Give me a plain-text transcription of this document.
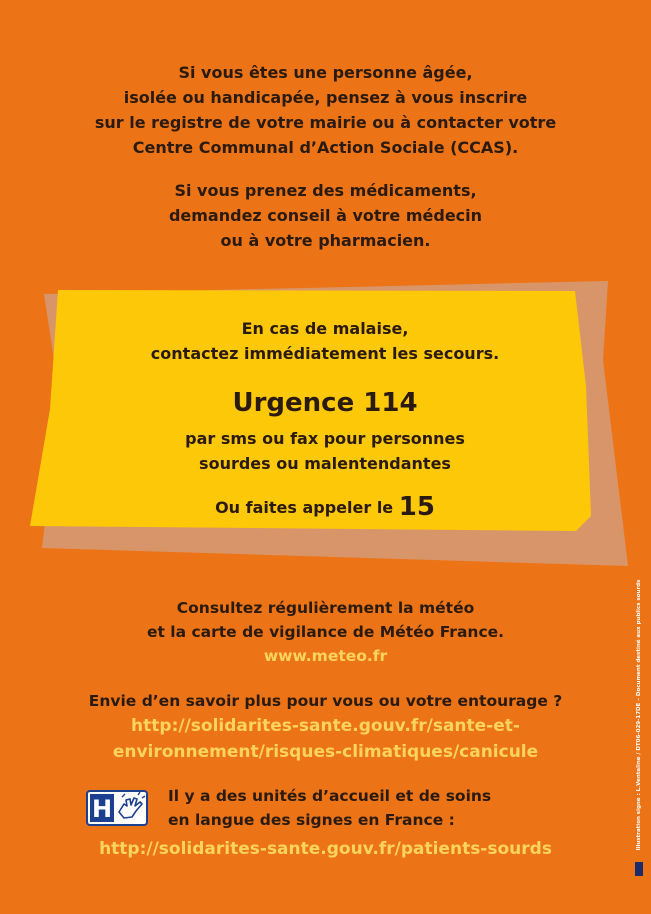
Si vous êtes une personne âgée,
isolée ou handicapée, pensez à vous inscrire
sur le registre de votre mairie ou à contacter votre
Centre Communal d’Action Sociale (CCAS).
Si vous prenez des médicaments,
demandez conseil à votre médecin
ou à votre pharmacien.
En cas de malaise,
contactez immédiatement les secours.
Urgence 114
par sms ou fax pour personnes
sourdes ou malentendantes
Ou faites appeler le 15
Consultez régulièrement la météo
et la carte de vigilance de Météo France.
www.meteo.fr
Envie d’en savoir plus pour vous ou votre entourage ?
http://solidarites-sante.gouv.fr/sante-et-
environnement/risques-climatiques/canicule
H	Il y a des unités d’accueil et de soins
en langue des signes en France :
http://solidarites-sante.gouv.fr/patients-sourds	Illustration signe : L.Ventaline / DT06-029-17DE – Document destiné aux publics sourds
